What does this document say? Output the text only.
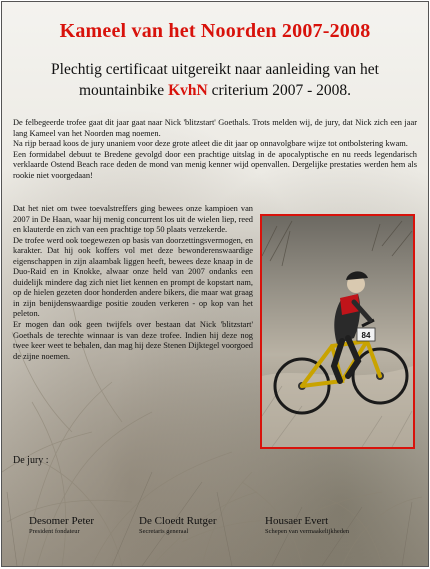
Kameel van het Noorden 2007-2008
Plechtig certificaat uitgereikt naar aanleiding van het
mountainbike KvhN criterium 2007 - 2008.

De felbegeerde trofee gaat dit jaar gaat naar Nick 'blitzstart' Goethals. Trots melden wij, de jury, dat Nick zich een jaar lang Kameel van het Noorden mag noemen.

Na rijp beraad koos de jury unaniem voor deze grote atleet die dit jaar op onnavolgbare wijze tot ontbolstering kwam.

Een formidabel debuut te Bredene gevolgd door een prachtige uitslag in de apocalyptische en nu reeds legendarisch verklaarde Ostend Beach race deden de mond van menig kenner wijd openvallen. Dergelijke prestaties werden hem als rookie niet voorgedaan!

Dat het niet om twee toevalstreffers ging bewees onze kampioen van 2007 in De Haan, waar hij menig concurrent los uit de wielen liep, reed en klauterde en zich van een prachtige top 50 plaats verzekerde.

De trofee werd ook toegewezen op basis van doorzettingsvermogen, en karakter. Dat hij ook koffers vol met deze bewonderenswaardige eigenschappen in zijn alaambak liggen heeft, bewees deze knaap in de Duo-Raid en in Knokke, alwaar onze held van 2007 ondanks een duidelijk mindere dag zich niet liet kennen en prompt de kopstart nam, op de hielen gezeten door honderden andere bikers, die maar wat graag in zijn benijdenswaardige positie zouden verkeren - op kop van het peleton.

Er mogen dan ook geen twijfels over bestaan dat Nick 'blitzstart' Goethals de terechte winnaar is van deze trofee. Indien hij deze nog twee keer weet te behalen, dan mag hij deze Stenen Dijktegel voorgoed de zijne noemen.

84
De jury :
Desomer Peter
President fondateur
De Cloedt Rutger
Secretaris generaal
Housaer Evert
Schepen van vermaakelijkheden
